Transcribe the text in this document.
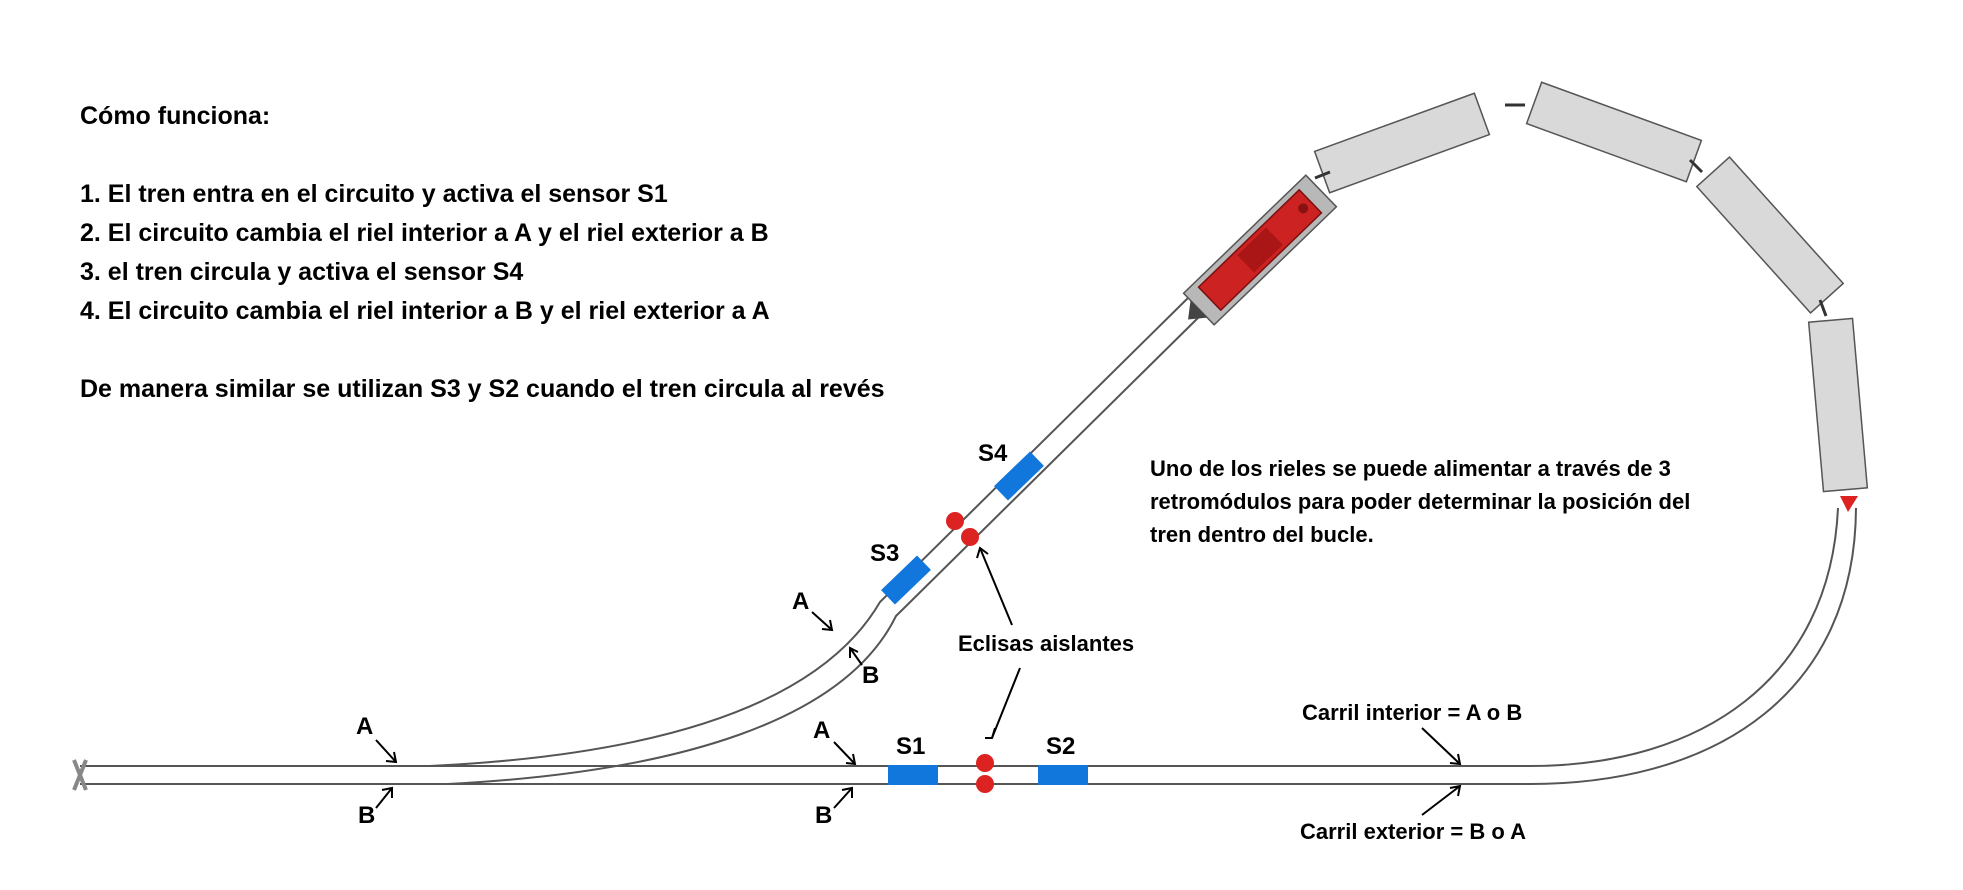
Cómo funciona:
1. El tren entra en el circuito y activa el sensor S1
2. El circuito cambia el riel interior a A y el riel exterior a B
3. el tren circula y activa el sensor S4
4. El circuito cambia el riel interior a B y el riel exterior a A
De manera similar se utilizan S3 y S2 cuando el tren circula al revés
S1	S2
S3
S4
Eclisas aislantes
A
B
A
B
A
B
Carril interior = A o B
Carril exterior = B o A
Uno de los rieles se puede alimentar a través de 3
retromódulos para poder determinar la posición del
tren dentro del bucle.
